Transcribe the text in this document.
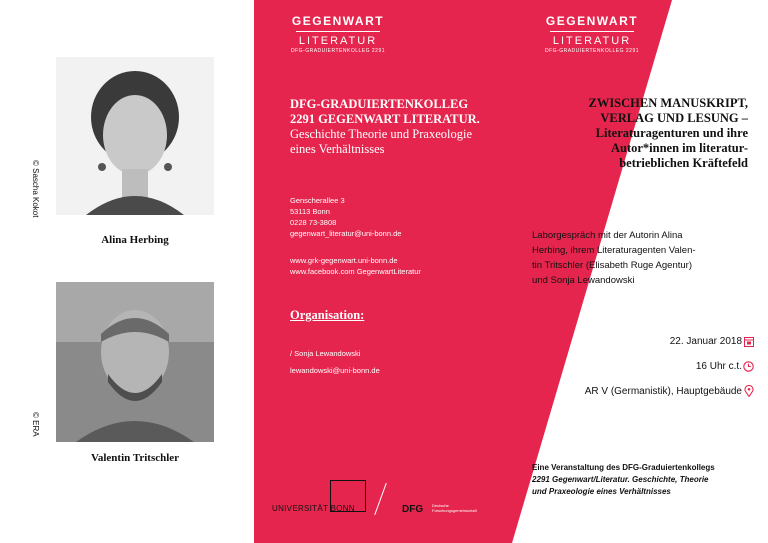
© Sascha Kokot
Alina Herbing
© ERA
Valentin Tritschler
GEGENWART
LITERATUR
DFG-GRADUIERTENKOLLEG 2291
DFG-GRADUIERTENKOLLEG
2291 GEGENWART LITERATUR.
Geschichte Theorie und Praxeologie
eines Verhältnisses
Genscherallee 3
53113 Bonn
0228 73-3808
gegenwart_literatur@uni-bonn.de
www.grk-gegenwart.uni-bonn.de
www.facebook.com GegenwartLiteratur
Organisation:
/ Sonja Lewandowski
lewandowski@uni-bonn.de
UNIVERSITÄT BONN	DFG Deutsche Forschungsgemeinschaft
GEGENWART
LITERATUR
DFG-GRADUIERTENKOLLEG 2291
ZWISCHEN MANUSKRIPT,
VERLAG UND LESUNG –
Literaturagenturen und ihre
Autor*innen im literatur-
betrieblichen Kräftefeld
Laborgespräch mit der Autorin Alina
Herbing, ihrem Literaturagenten Valen-
tin Tritschler (Elisabeth Ruge Agentur)
und Sonja Lewandowski
22. Januar 2018
16 Uhr c.t.
AR V (Germanistik), Hauptgebäude
Eine Veranstaltung des DFG-Graduiertenkollegs
2291 Gegenwart/Literatur. Geschichte, Theorie
und Praxeologie eines Verhältnisses
